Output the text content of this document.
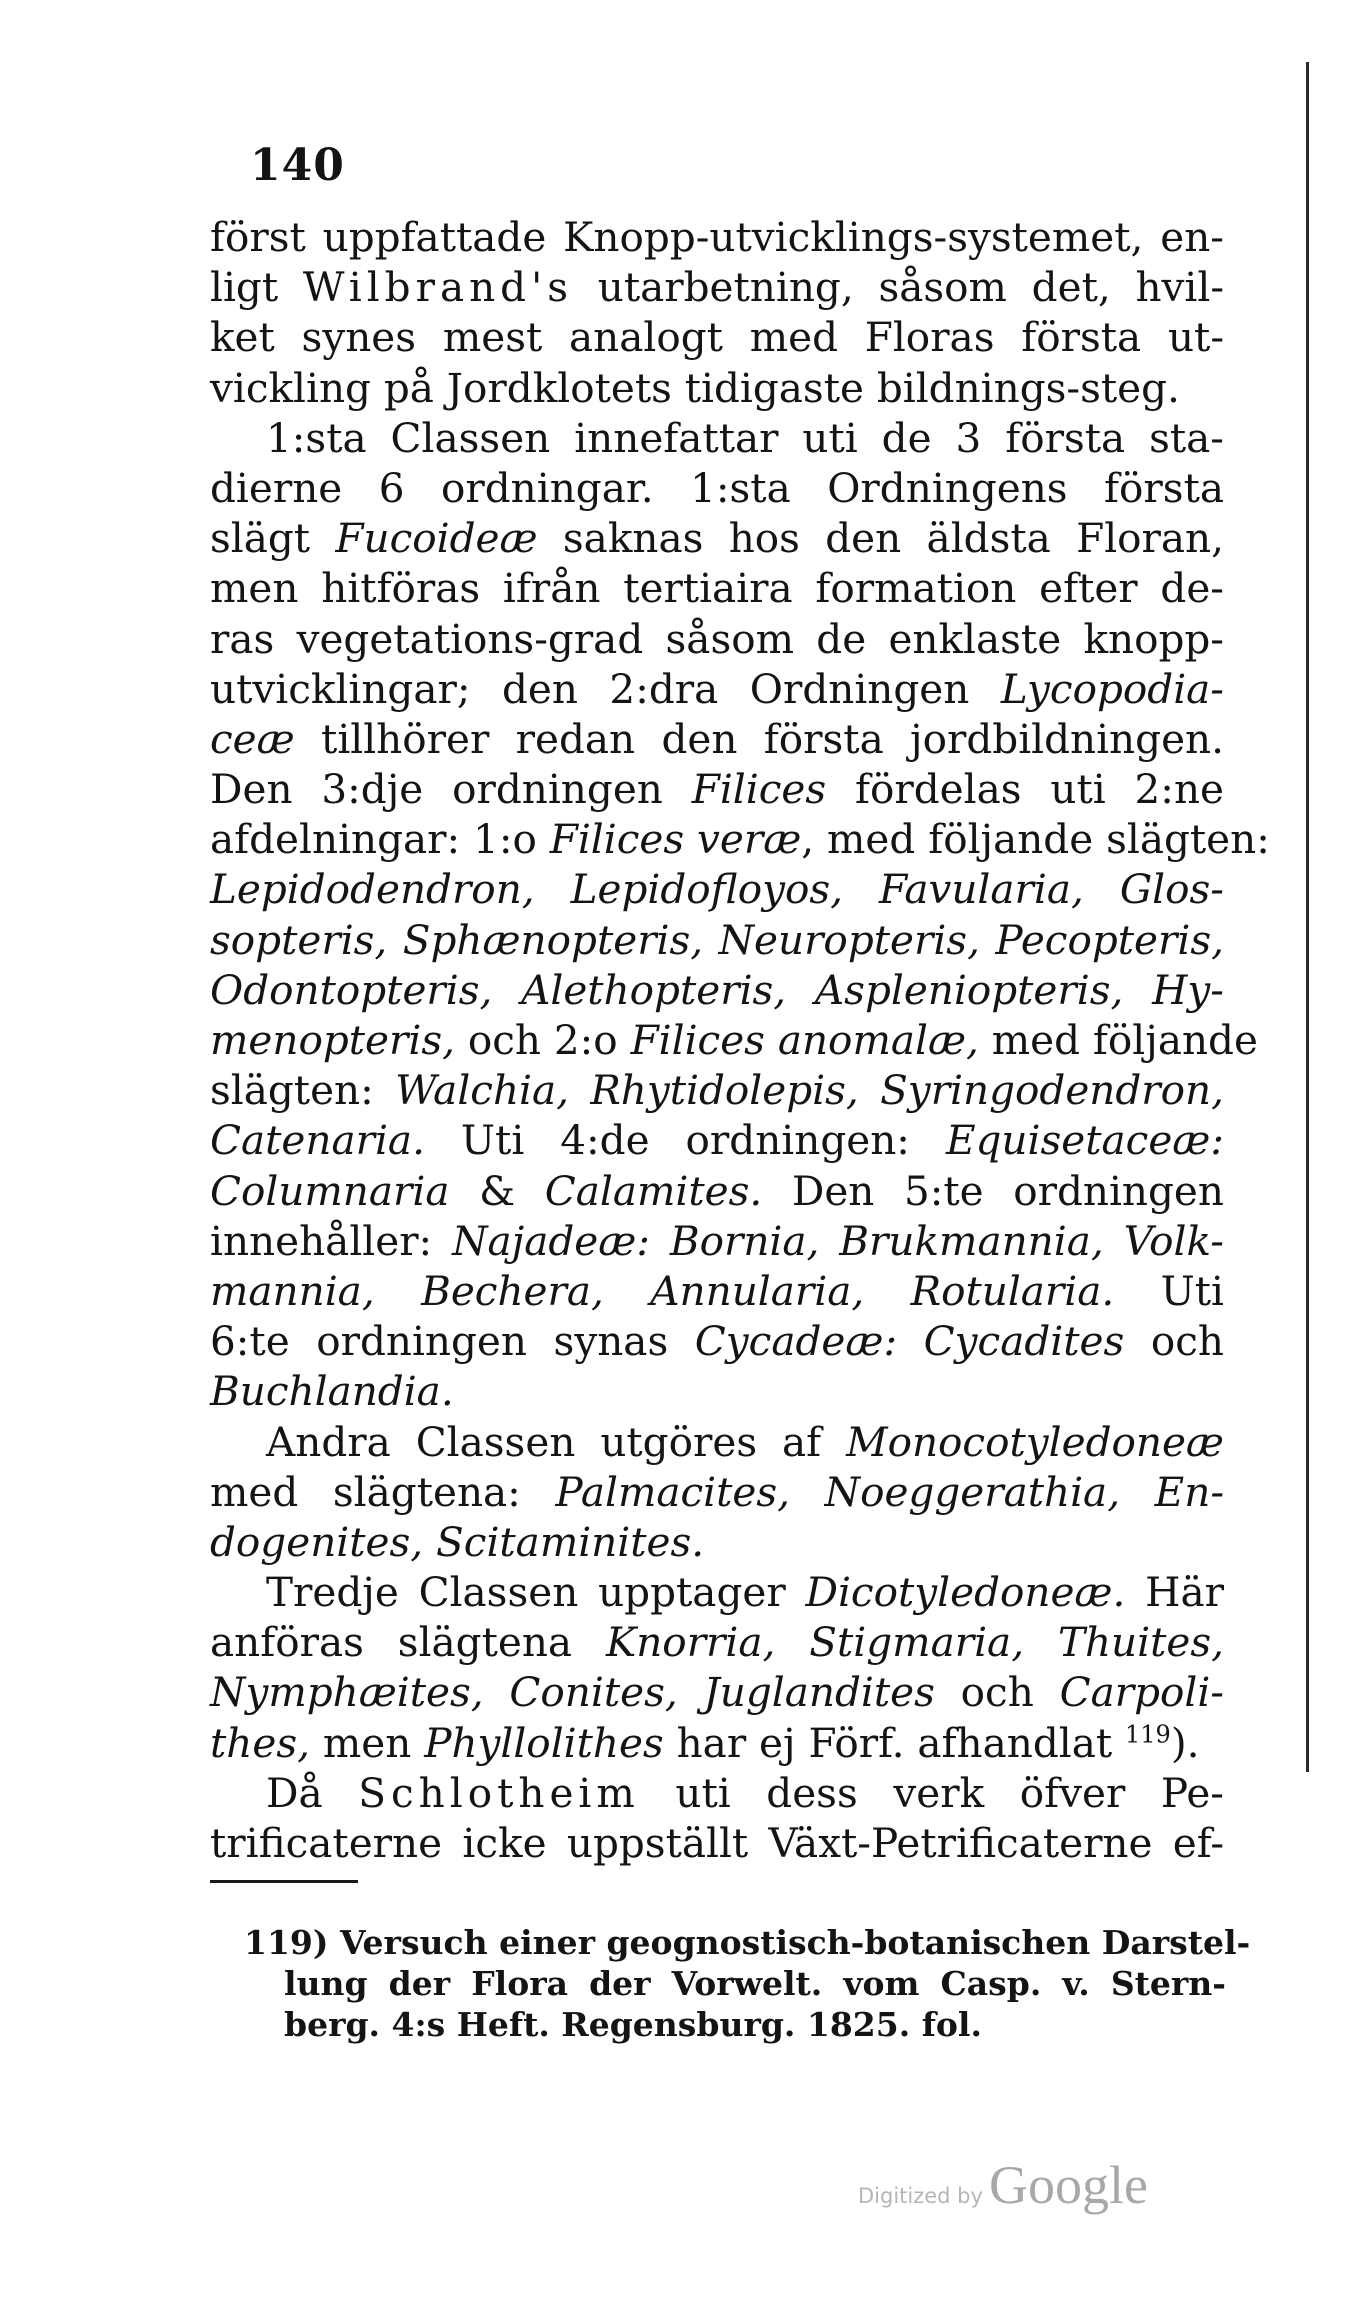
140
först uppfattade Knopp-utvicklings-systemet, en-
ligt Wilbrand's utarbetning, såsom det, hvil-
ket synes mest analogt med Floras första ut-
vickling på Jordklotets tidigaste bildnings-steg.
1:sta Classen innefattar uti de 3 första sta-
dierne 6 ordningar. 1:sta Ordningens första
slägt Fucoideæ saknas hos den äldsta Floran,
men hitföras ifrån tertiaira formation efter de-
ras vegetations-grad såsom de enklaste knopp-
utvicklingar; den 2:dra Ordningen Lycopodia-
ceæ tillhörer redan den första jordbildningen.
Den 3:dje ordningen Filices fördelas uti 2:ne
afdelningar: 1:o Filices veræ, med följande slägten:
Lepidodendron, Lepidofloyos, Favularia, Glos-
sopteris, Sphænopteris, Neuropteris, Pecopteris,
Odontopteris, Alethopteris, Aspleniopteris, Hy-
menopteris, och 2:o Filices anomalæ, med följande
slägten: Walchia, Rhytidolepis, Syringodendron,
Catenaria. Uti 4:de ordningen: Equisetaceæ:
Columnaria & Calamites. Den 5:te ordningen
innehåller: Najadeæ: Bornia, Brukmannia, Volk-
mannia, Bechera, Annularia, Rotularia. Uti
6:te ordningen synas Cycadeæ: Cycadites och
Buchlandia.
Andra Classen utgöres af Monocotyledoneæ
med slägtena: Palmacites, Noeggerathia, En-
dogenites, Scitaminites.
Tredje Classen upptager Dicotyledoneæ. Här
anföras slägtena Knorria, Stigmaria, Thuites,
Nymphæites, Conites, Juglandites och Carpoli-
thes, men Phyllolithes har ej Förf. afhandlat $^{119}$).
Då Schlotheim uti dess verk öfver Pe-
trificaterne icke uppställt Växt-Petrificaterne ef-
119) Versuch einer geognostisch-botanischen Darstel-
lung der Flora der Vorwelt. vom Casp. v. Stern-
berg. 4:s Heft. Regensburg. 1825. fol.
Digitized by Google
